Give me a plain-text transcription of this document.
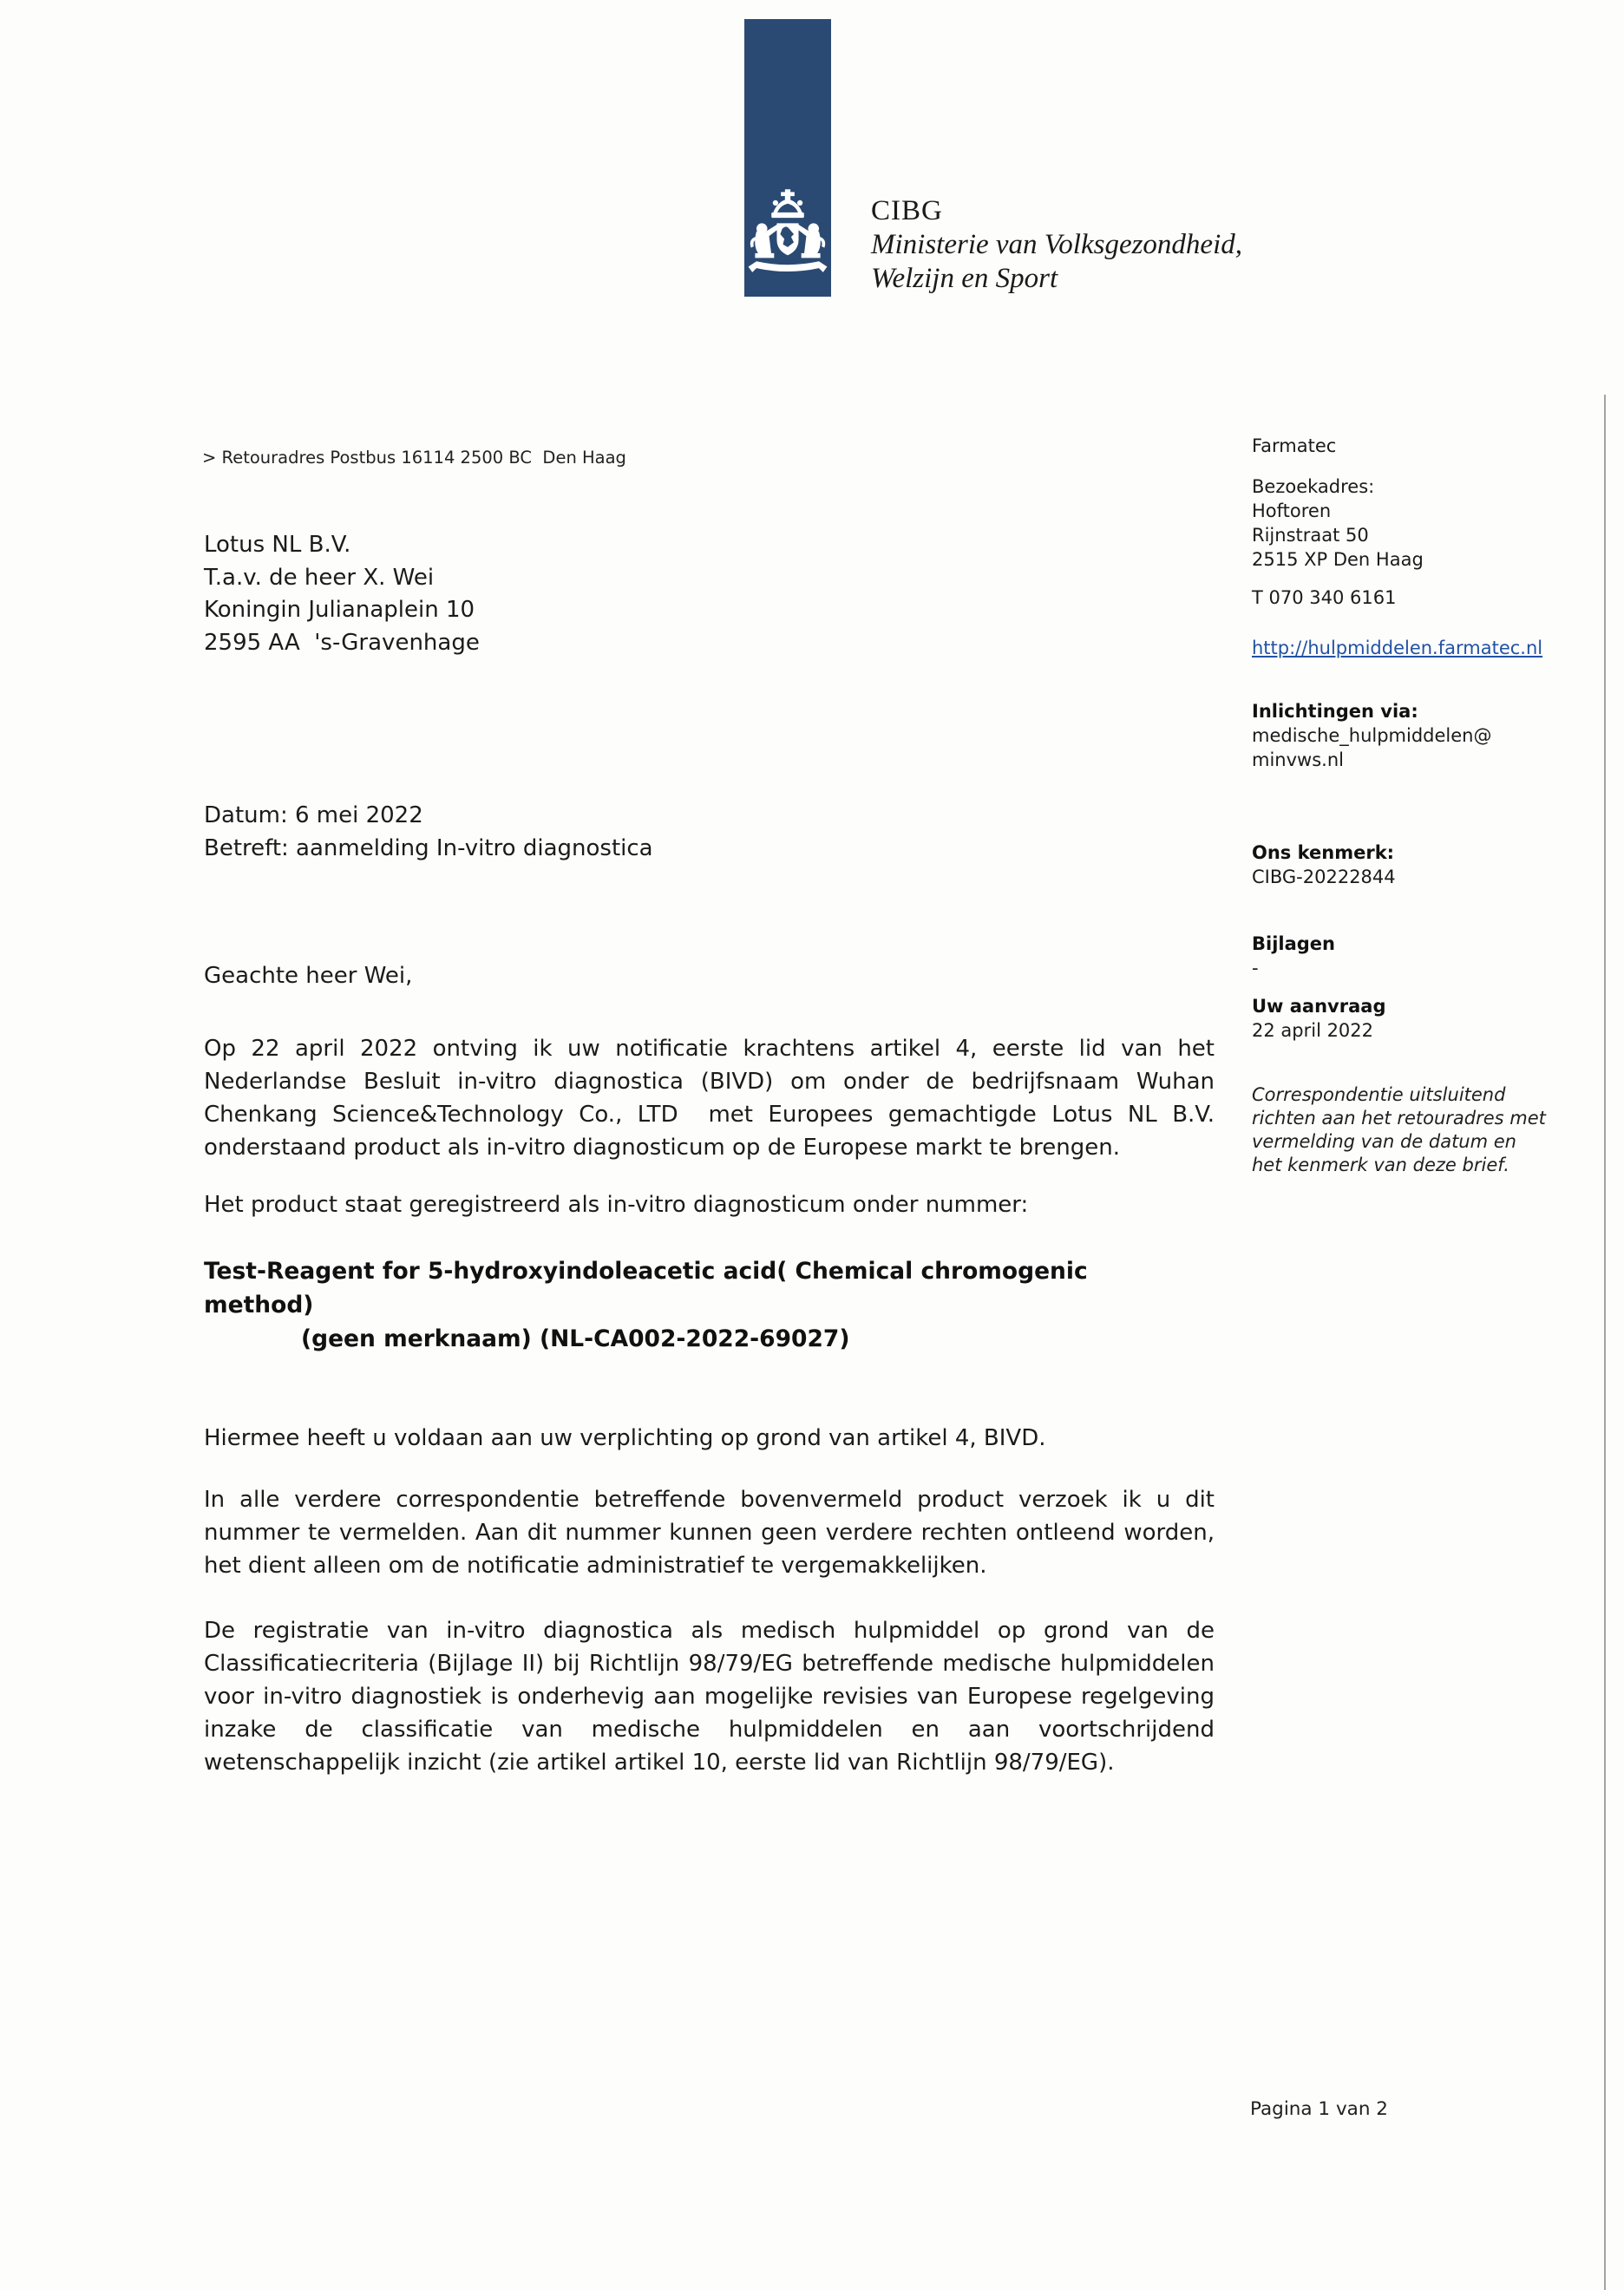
CIBG
Ministerie van Volksgezondheid,
Welzijn en Sport
> Retouradres Postbus 16114 2500 BC  Den Haag
Lotus NL B.V.
T.a.v. de heer X. Wei
Koningin Julianaplein 10
2595 AA  's-Gravenhage
Datum: 6 mei 2022
Betreft: aanmelding In-vitro diagnostica
Farmatec
Bezoekadres:
Hoftoren
Rijnstraat 50
2515 XP Den Haag
T 070 340 6161
http://hulpmiddelen.farmatec.nl
Inlichtingen via:
medische_hulpmiddelen@
minvws.nl
Ons kenmerk:
CIBG-20222844
Bijlagen
-
Uw aanvraag
22 april 2022
Correspondentie uitsluitend
richten aan het retouradres met
vermelding van de datum en
het kenmerk van deze brief.
Geachte heer Wei,
Op 22 april 2022 ontving ik uw notificatie krachtens artikel 4, eerste lid van het Nederlandse Besluit in-vitro diagnostica (BIVD) om onder de bedrijfsnaam Wuhan Chenkang Science&Technology Co., LTD  met Europees gemachtigde Lotus NL B.V. onderstaand product als in-vitro diagnosticum op de Europese markt te brengen.
Het product staat geregistreerd als in-vitro diagnosticum onder nummer:
Test-Reagent for 5-hydroxyindoleacetic acid( Chemical chromogenic
method)
(geen merknaam) (NL-CA002-2022-69027)
Hiermee heeft u voldaan aan uw verplichting op grond van artikel 4, BIVD.
In alle verdere correspondentie betreffende bovenvermeld product verzoek ik u dit nummer te vermelden. Aan dit nummer kunnen geen verdere rechten ontleend worden, het dient alleen om de notificatie administratief te vergemakkelijken.
De registratie van in-vitro diagnostica als medisch hulpmiddel op grond van de Classificatiecriteria (Bijlage II) bij Richtlijn 98/79/EG betreffende medische hulpmiddelen voor in-vitro diagnostiek is onderhevig aan mogelijke revisies van Europese regelgeving inzake de classificatie van medische hulpmiddelen en aan voortschrijdend wetenschappelijk inzicht (zie artikel artikel 10, eerste lid van Richtlijn 98/79/EG).
Pagina 1 van 2
